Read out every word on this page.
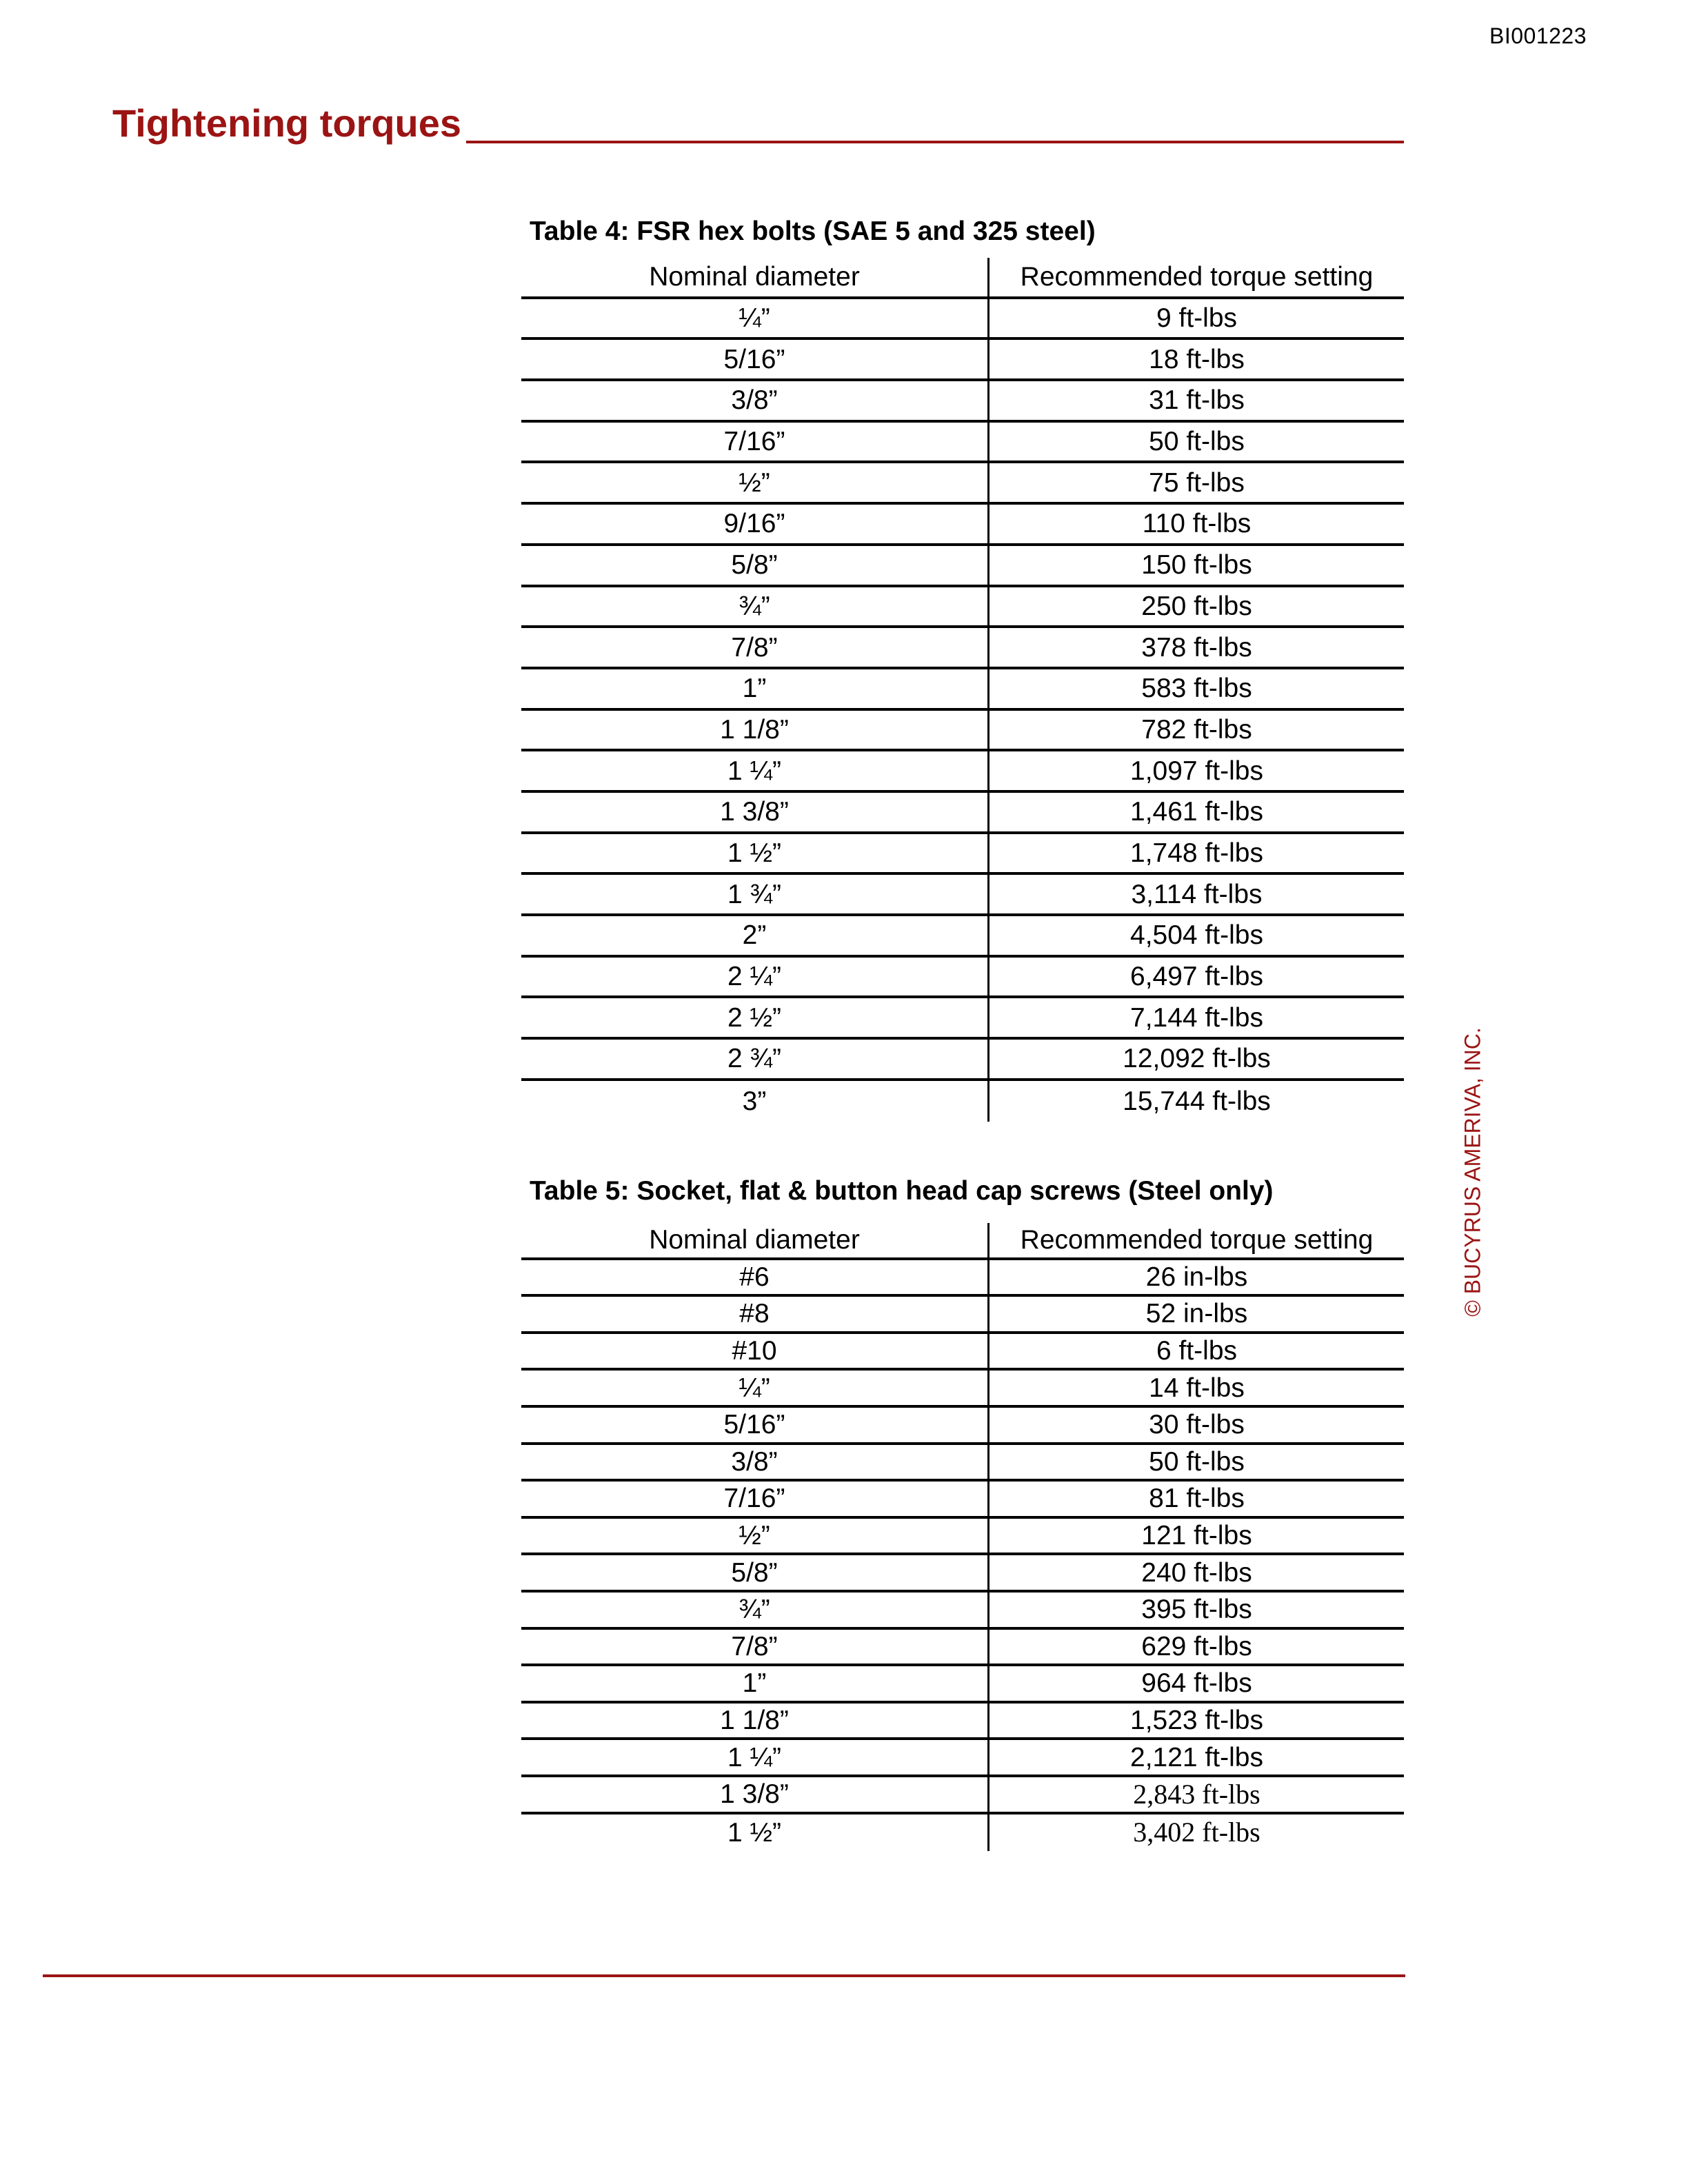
BI001223
Tightening torques
Table 4: FSR hex bolts (SAE 5 and 325 steel)
Nominal diameter	Recommended torque setting
¼”	9 ft-lbs
5/16”	18 ft-lbs
3/8”	31 ft-lbs
7/16”	50 ft-lbs
½”	75 ft-lbs
9/16”	110 ft-lbs
5/8”	150 ft-lbs
¾”	250 ft-lbs
7/8”	378 ft-lbs
1”	583 ft-lbs
1 1/8”	782 ft-lbs
1 ¼”	1,097 ft-lbs
1 3/8”	1,461 ft-lbs
1 ½”	1,748 ft-lbs
1 ¾”	3,114 ft-lbs
2”	4,504 ft-lbs
2 ¼”	6,497 ft-lbs
2 ½”	7,144 ft-lbs
2 ¾”	12,092 ft-lbs
3”	15,744 ft-lbs
Table 5: Socket, flat & button head cap screws (Steel only)
Nominal diameter	Recommended torque setting
#6	26 in-lbs
#8	52 in-lbs
#10	6 ft-lbs
¼”	14 ft-lbs
5/16”	30 ft-lbs
3/8”	50 ft-lbs
7/16”	81 ft-lbs
½”	121 ft-lbs
5/8”	240 ft-lbs
¾”	395 ft-lbs
7/8”	629 ft-lbs
1”	964 ft-lbs
1 1/8”	1,523 ft-lbs
1 ¼”	2,121 ft-lbs
1 3/8”	2,843 ft-lbs
1 ½”	3,402 ft-lbs
© BUCYRUS AMERIVA, INC.
